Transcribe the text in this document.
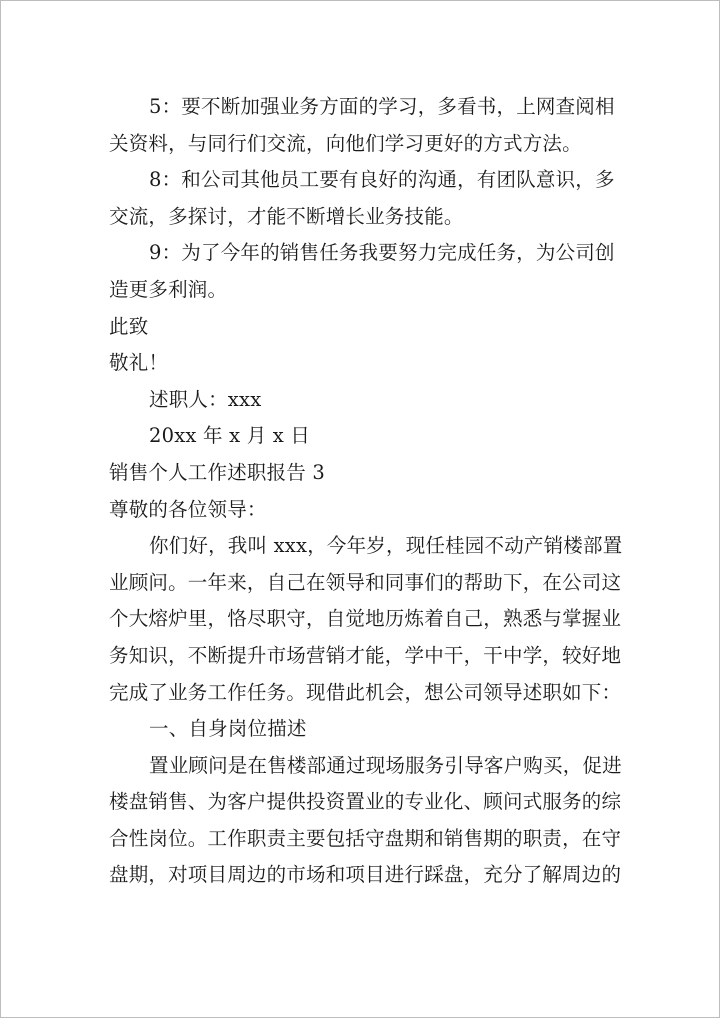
5：要不断加强业务方面的学习，多看书，上网查阅相
关资料，与同行们交流，向他们学习更好的方式方法。
8：和公司其他员工要有良好的沟通，有团队意识，多
交流，多探讨，才能不断增长业务技能。
9：为了今年的销售任务我要努力完成任务，为公司创
造更多利润。
此致
敬礼！
述职人：xxx
20xx 年 x 月 x 日
销售个人工作述职报告 3
尊敬的各位领导：
你们好，我叫 xxx，今年岁，现任桂园不动产销楼部置
业顾问。一年来，自己在领导和同事们的帮助下，在公司这
个大熔炉里，恪尽职守，自觉地历炼着自己，熟悉与掌握业
务知识，不断提升市场营销才能，学中干，干中学，较好地
完成了业务工作任务。现借此机会，想公司领导述职如下：
一、自身岗位描述
置业顾问是在售楼部通过现场服务引导客户购买，促进
楼盘销售、为客户提供投资置业的专业化、顾问式服务的综
合性岗位。工作职责主要包括守盘期和销售期的职责，在守
盘期，对项目周边的市场和项目进行踩盘，充分了解周边的
